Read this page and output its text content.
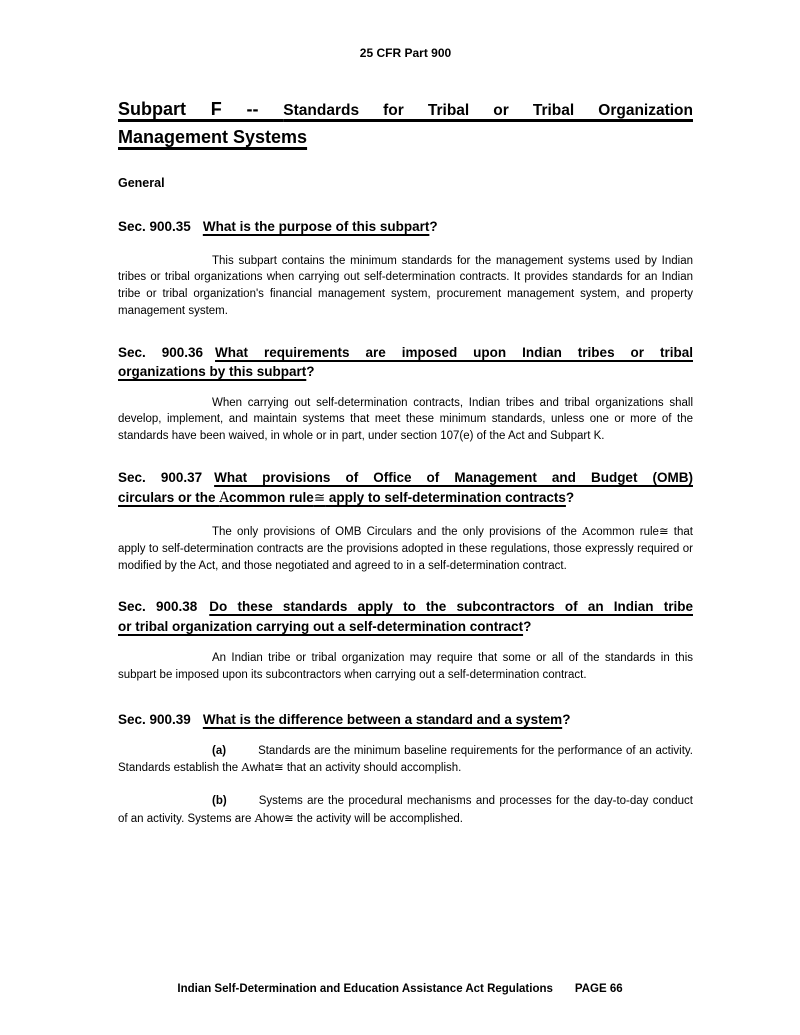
25 CFR Part 900
Subpart F -- Standards for Tribal or Tribal Organization
Management Systems
General
Sec. 900.35 What is the purpose of this subpart?

This subpart contains the minimum standards for the management systems used by Indian tribes or tribal organizations when carrying out self-determination contracts. It provides standards for an Indian tribe or tribal organization's financial management system, procurement management system, and property management system.

Sec. 900.36 What requirements are imposed upon Indian tribes or tribal
organizations by this subpart?

When carrying out self-determination contracts, Indian tribes and tribal organizations shall develop, implement, and maintain systems that meet these minimum standards, unless one or more of the standards have been waived, in whole or in part, under section 107(e) of the Act and Subpart K.

Sec. 900.37 What provisions of Office of Management and Budget (OMB)
circulars or the Αcommon rule≅ apply to self-determination contracts?

The only provisions of OMB Circulars and the only provisions of the Αcommon rule≅ that apply to self-determination contracts are the provisions adopted in these regulations, those expressly required or modified by the Act, and those negotiated and agreed to in a self-determination contract.

Sec. 900.38 Do these standards apply to the subcontractors of an Indian tribe
or tribal organization carrying out a self-determination contract?

An Indian tribe or tribal organization may require that some or all of the standards in this subpart be imposed upon its subcontractors when carrying out a self-determination contract.

Sec. 900.39 What is the difference between a standard and a system?

(a)	Standards are the minimum baseline requirements for the performance of an activity. Standards establish the Αwhat≅ that an activity should accomplish.

(b)	Systems are the procedural mechanisms and processes for the day-to-day conduct of an activity. Systems are Αhow≅ the activity will be accomplished.

Indian Self-Determination and Education Assistance Act Regulations PAGE 66
